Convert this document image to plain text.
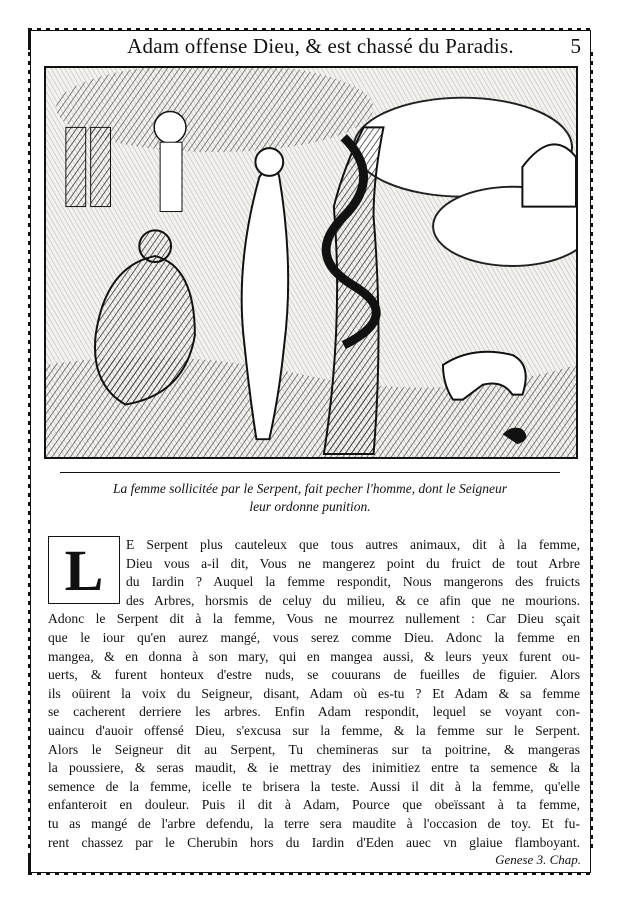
Adam offense Dieu, & est chassé du Paradis.	5
La femme sollicitée par le Serpent, fait pecher l'homme, dont le Seigneur
leur ordonne punition.
E Serpent plus cauteleux que tous autres animaux, dit à la femme,
Dieu vous a-il dit, Vous ne mangerez point du fruict de tout Arbre
du Iardin ? Auquel la femme respondit, Nous mangerons des fruicts
des Arbres, horsmis de celuy du milieu, & ce afin que ne mourions.
Adonc le Serpent dit à la femme, Vous ne mourrez nullement : Car Dieu sçait
que le iour qu'en aurez mangé, vous serez comme Dieu. Adonc la femme en
mangea, & en donna à son mary, qui en mangea aussi, & leurs yeux furent ou-
uerts, & furent honteux d'estre nuds, se couurans de fueilles de figuier. Alors
ils oüirent la voix du Seigneur, disant, Adam où es-tu ? Et Adam & sa femme
se cacherent derriere les arbres. Enfin Adam respondit, lequel se voyant con-
uaincu d'auoir offensé Dieu, s'excusa sur la femme, & la femme sur le Serpent.
Alors le Seigneur dit au Serpent, Tu chemineras sur ta poitrine, & mangeras
la poussiere, & seras maudit, & ie mettray des inimitiez entre ta semence & la
semence de la femme, icelle te brisera la teste. Aussi il dit à la femme, qu'elle
enfanteroit en douleur. Puis il dit à Adam, Pource que obeïssant à ta femme,
tu as mangé de l'arbre defendu, la terre sera maudite à l'occasion de toy. Et fu-
rent chassez par le Cherubin hors du Iardin d'Eden auec vn glaiue flamboyant.
L
Genese 3. Chap.
